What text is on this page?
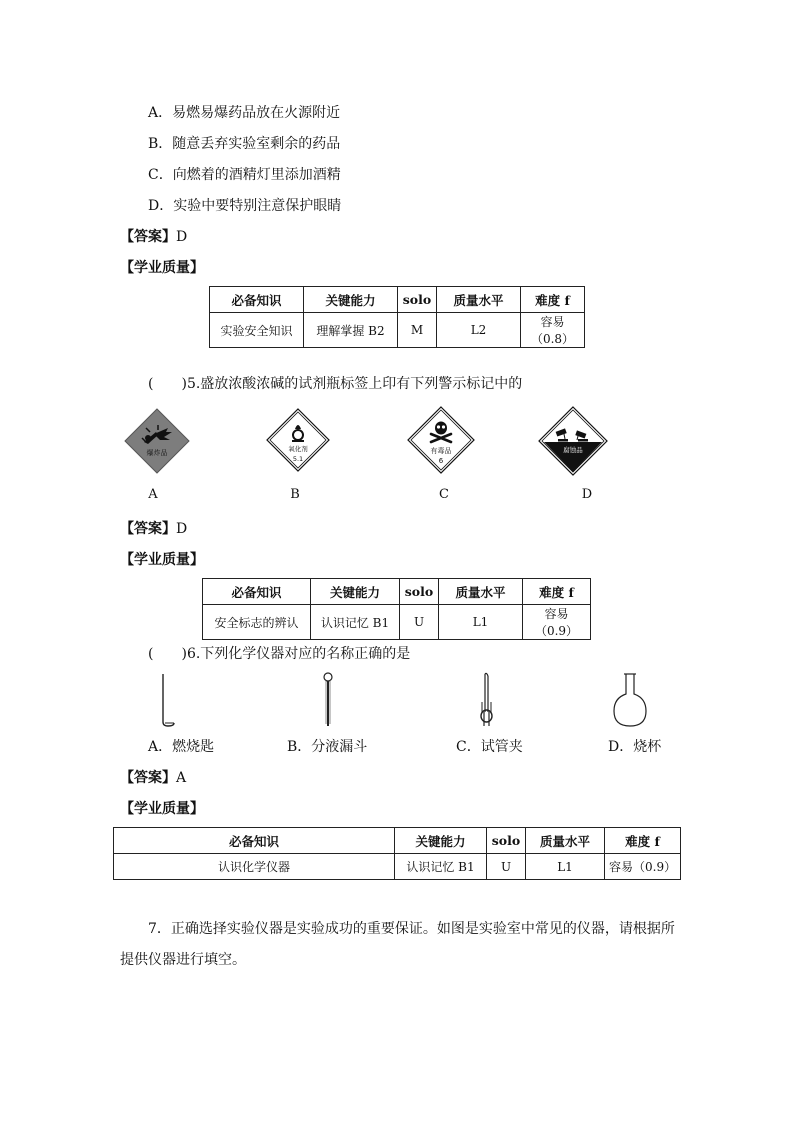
A．易燃易爆药品放在火源附近
B．随意丢弃实验室剩余的药品
C．向燃着的酒精灯里添加酒精
D．实验中要特别注意保护眼睛
【答案】D
【学业质量】
必备知识	关键能力	solo	质量水平	难度 f
实验安全知识	理解掌握 B2	M	L2	容易（0.8）
( )5.盛放浓酸浓碱的试剂瓶标签上印有下列警示标记中的
爆炸品	氧化剂
5.1
有毒品
6
腐蚀品
A	B	C	D
【答案】D
【学业质量】
必备知识	关键能力	solo	质量水平	难度 f
安全标志的辨认	认识记忆 B1	U	L1	容易（0.9）
( )6.下列化学仪器对应的名称正确的是
A．燃烧匙	B．分液漏斗	C．试管夹	D．烧杯
【答案】A
【学业质量】
必备知识	关键能力	solo	质量水平	难度 f
认识化学仪器	认识记忆 B1	U	L1	容易（0.9）
7．正确选择实验仪器是实验成功的重要保证。如图是实验室中常见的仪器，请根据所
提供仪器进行填空。
